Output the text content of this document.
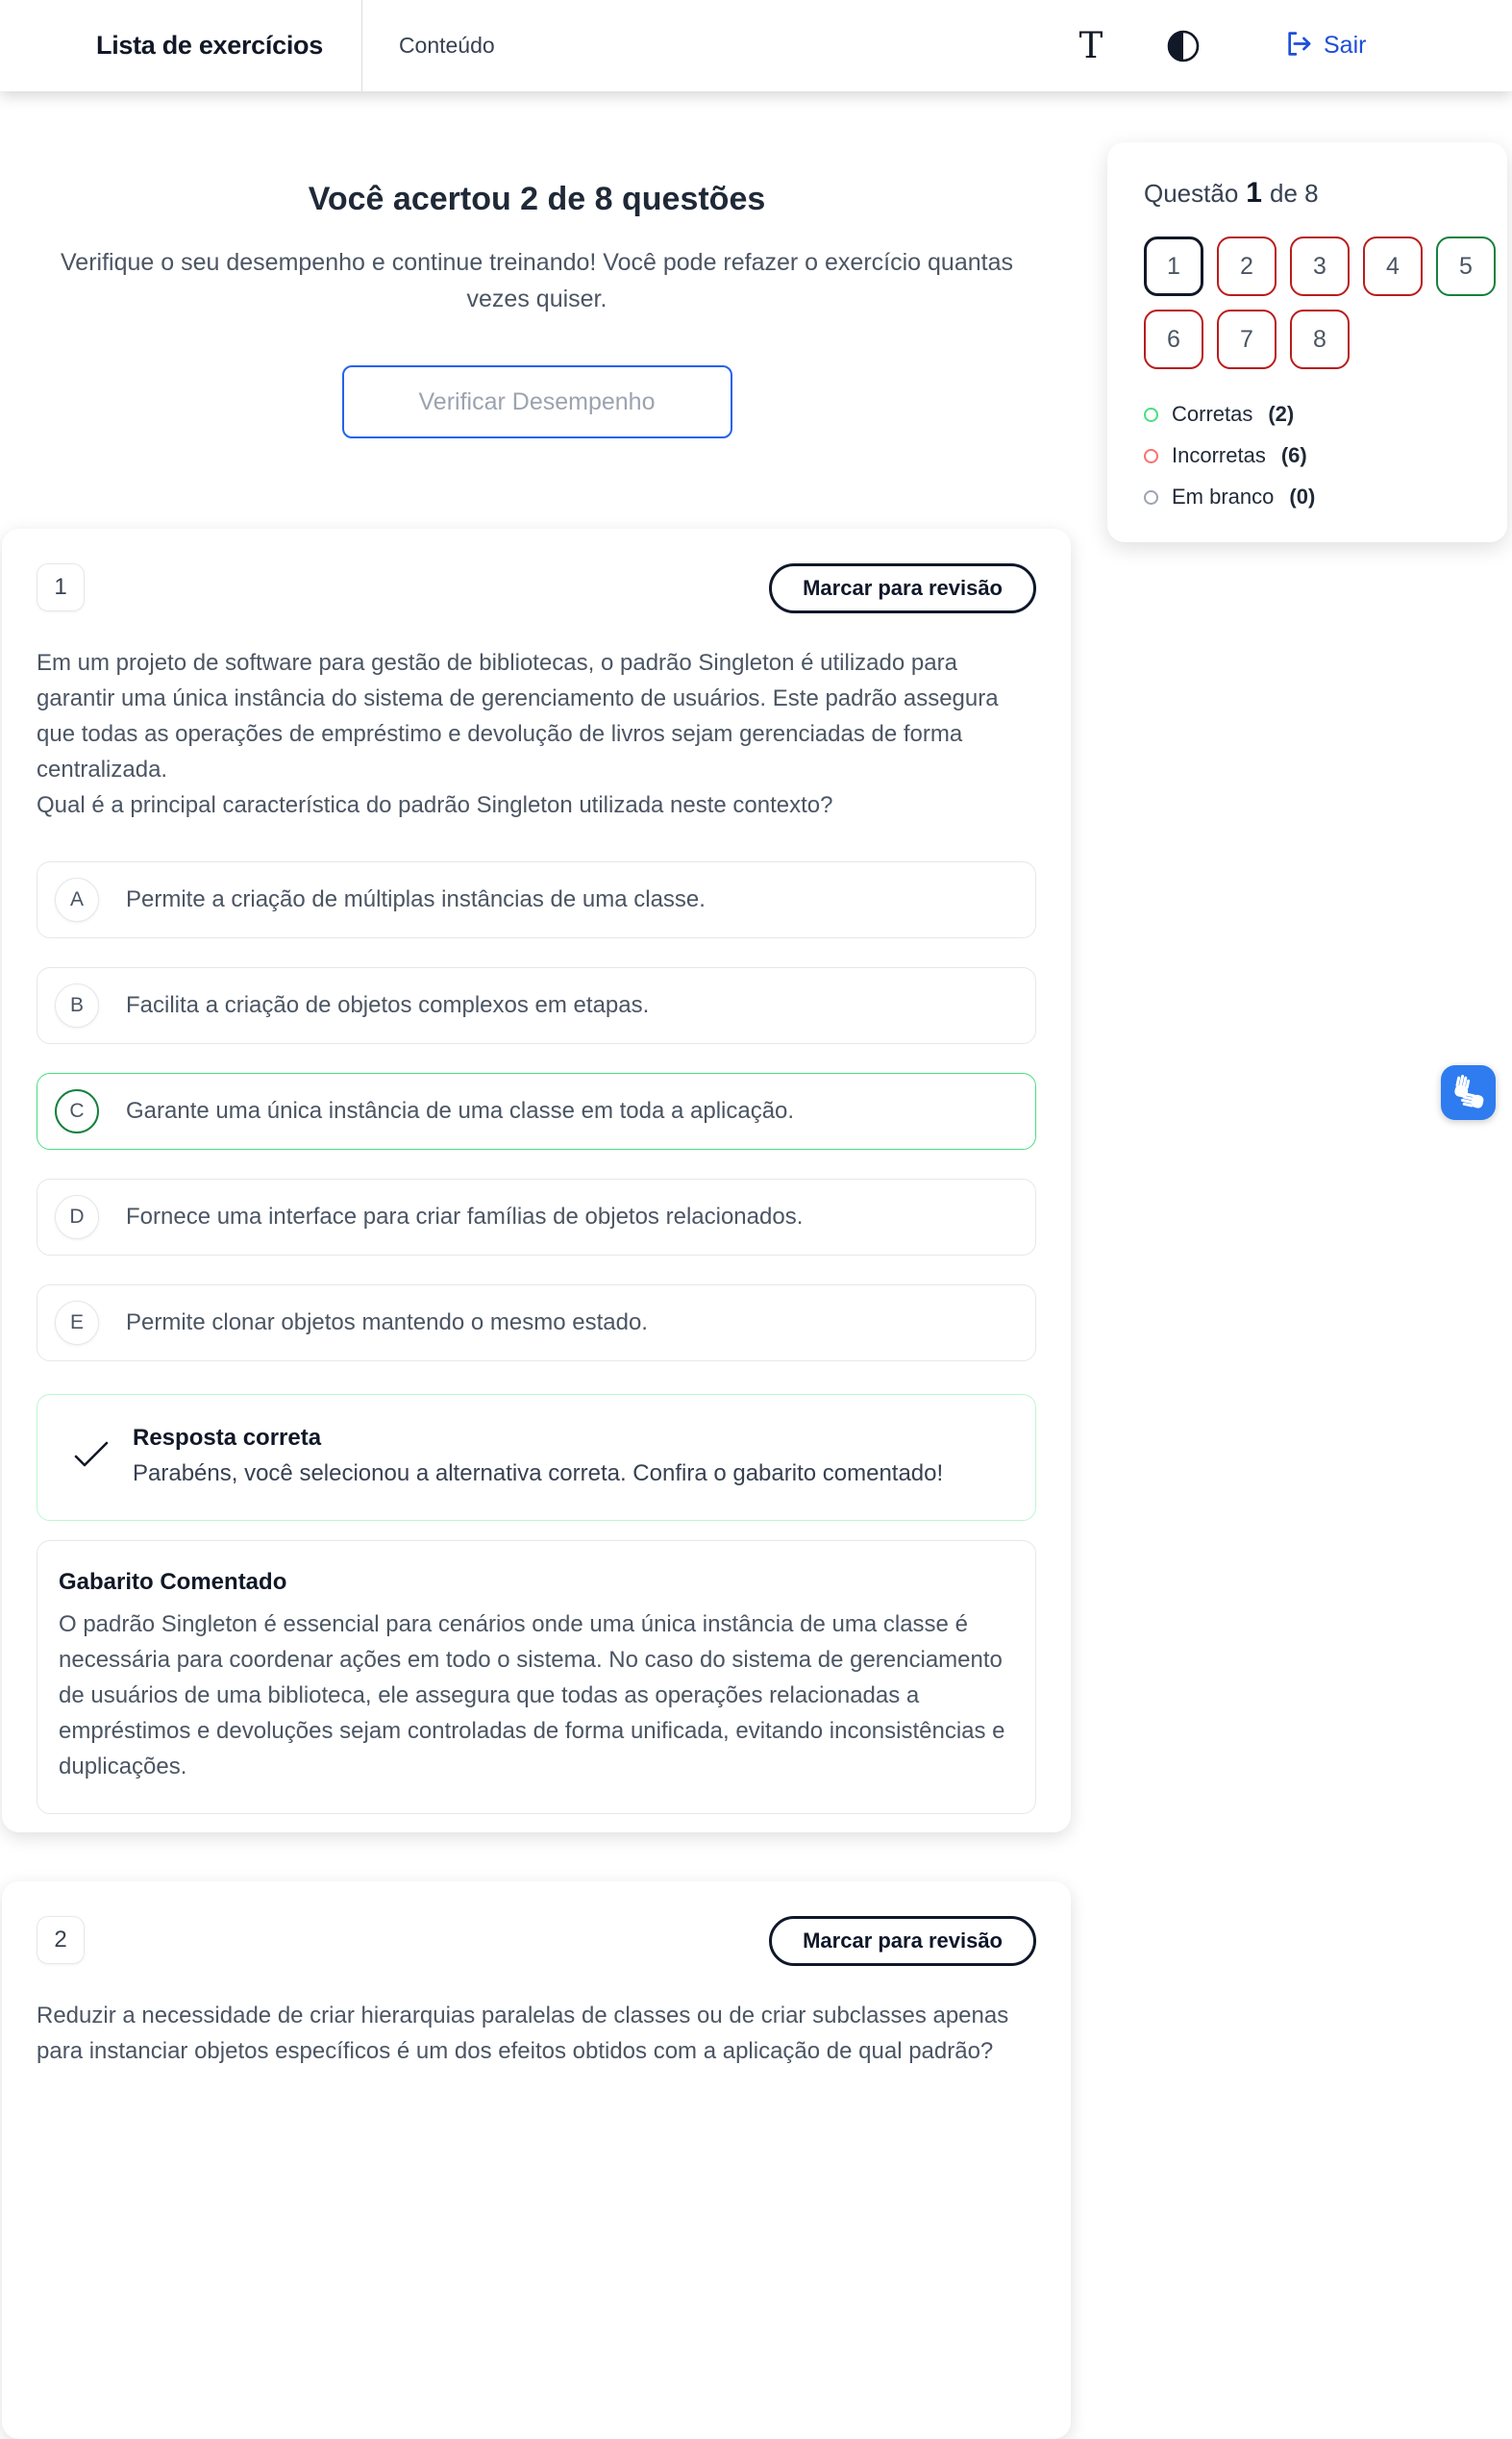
Lista de exercícios	Conteúdo	T	Sair
Você acertou 2 de 8 questões

Verifique o seu desempenho e continue treinando! Você pode refazer o exercício quantas vezes quiser.

Verificar Desempenho
Questão 1 de 8
1	2	3	4	5
6	7	8
Corretas (2)
Incorretas (6)
Em branco (0)
1	Marcar para revisão

Em um projeto de software para gestão de bibliotecas, o padrão Singleton é utilizado para garantir uma única instância do sistema de gerenciamento de usuários. Este padrão assegura que todas as operações de empréstimo e devolução de livros sejam gerenciadas de forma centralizada.

Qual é a principal característica do padrão Singleton utilizada neste contexto?

A	Permite a criação de múltiplas instâncias de uma classe.
B	Facilita a criação de objetos complexos em etapas.
C	Garante uma única instância de uma classe em toda a aplicação.
D	Fornece uma interface para criar famílias de objetos relacionados.
E	Permite clonar objetos mantendo o mesmo estado.
Resposta correta
Parabéns, você selecionou a alternativa correta. Confira o gabarito comentado!
Gabarito Comentado
O padrão Singleton é essencial para cenários onde uma única instância de uma classe é necessária para coordenar ações em todo o sistema. No caso do sistema de gerenciamento de usuários de uma biblioteca, ele assegura que todas as operações relacionadas a empréstimos e devoluções sejam controladas de forma unificada, evitando inconsistências e duplicações.
2	Marcar para revisão

Reduzir a necessidade de criar hierarquias paralelas de classes ou de criar subclasses apenas para instanciar objetos específicos é um dos efeitos obtidos com a aplicação de qual padrão?
